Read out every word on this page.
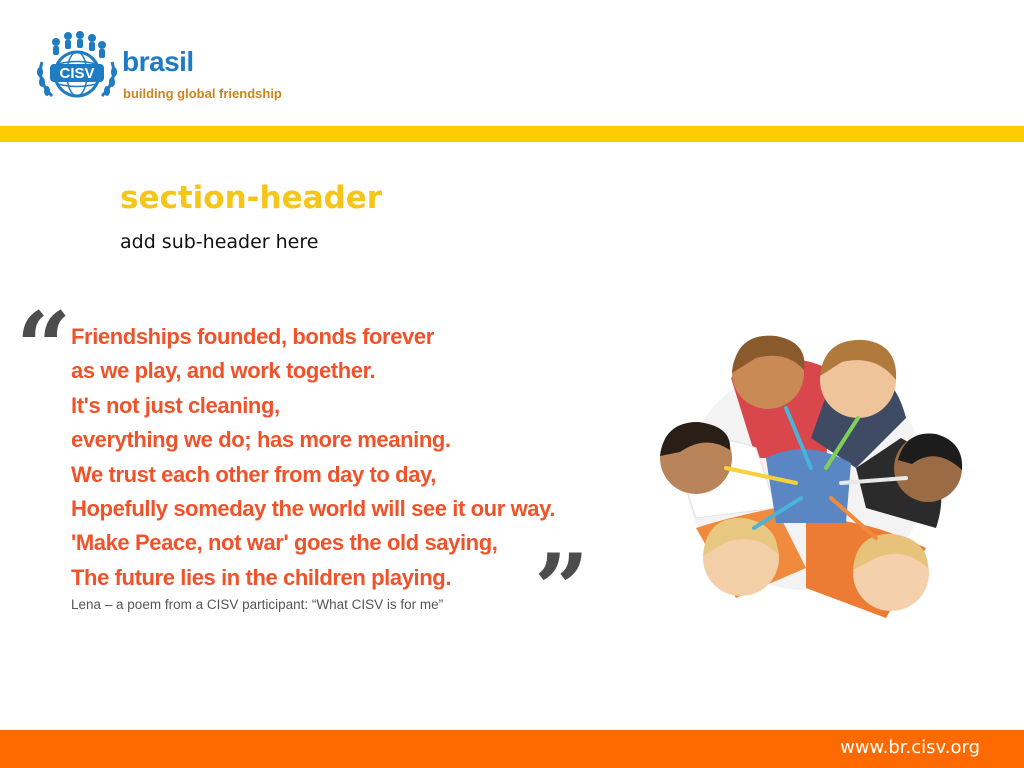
CISV brasil
building global friendship
section-header
add sub-header here
“ Friendships founded, bonds forever
as we play, and work together.
It's not just cleaning,
everything we do; has more meaning.
We trust each other from day to day,
Hopefully someday the world will see it our way.
'Make Peace, not war' goes the old saying,
The future lies in the children playing. ”

Lena – a poem from a CISV participant: “What CISV is for me”

www.br.cisv.org
